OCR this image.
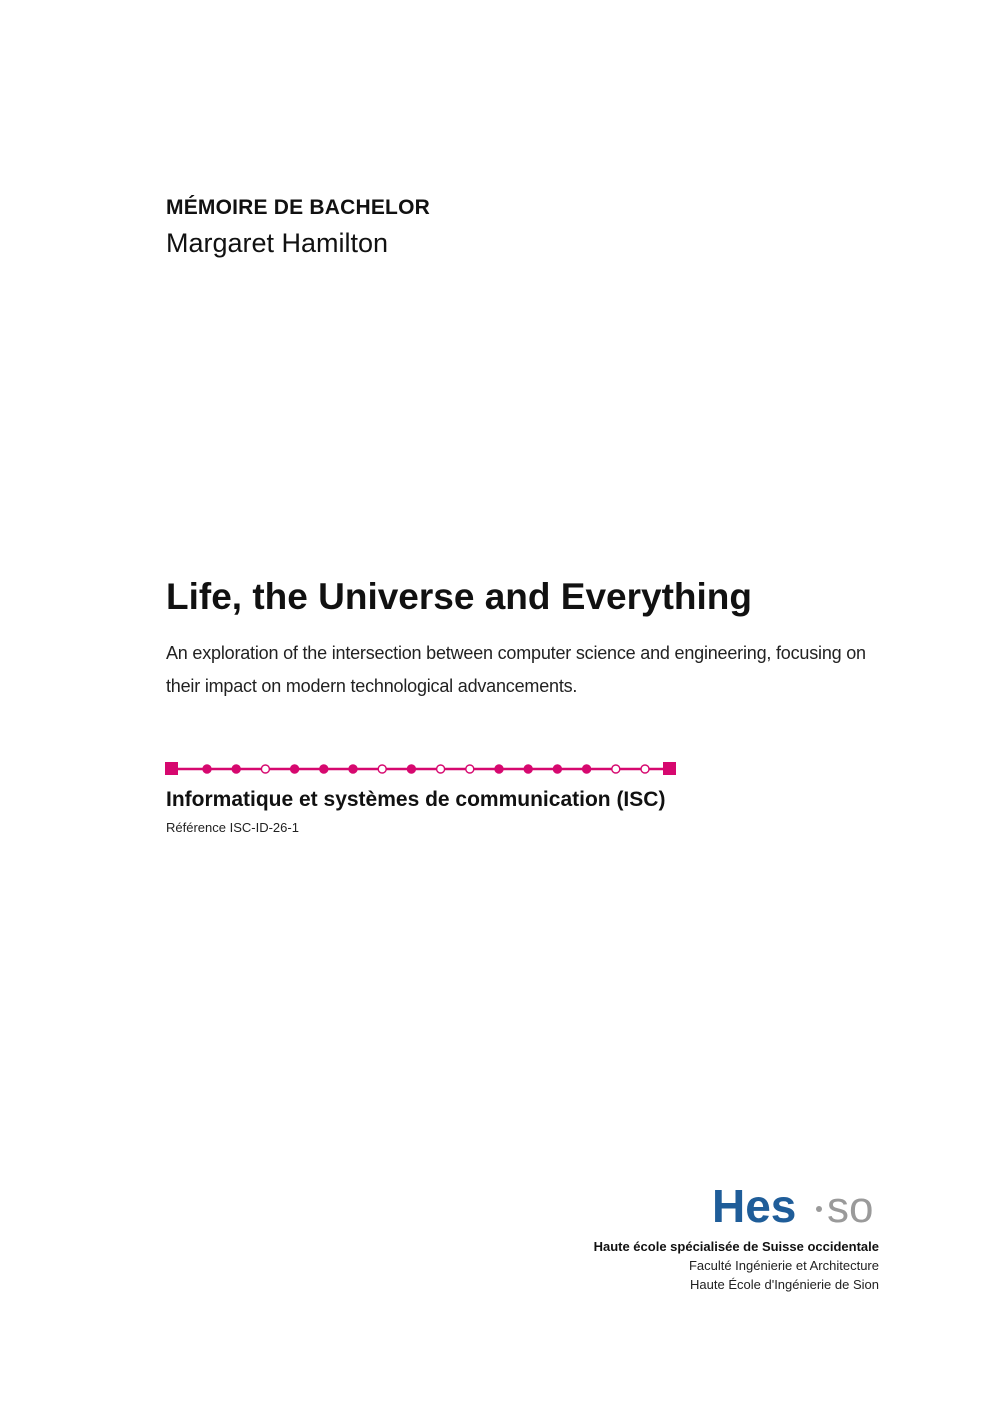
MÉMOIRE DE BACHELOR
Margaret Hamilton
Life, the Universe and Everything
An exploration of the intersection between computer science and engineering, focusing on their impact on modern technological advancements.
Informatique et systèmes de communication (ISC)
Référence ISC-ID-26-1
Hes so
Haute école spécialisée de Suisse occidentale
Faculté Ingénierie et Architecture
Haute École d'Ingénierie de Sion
